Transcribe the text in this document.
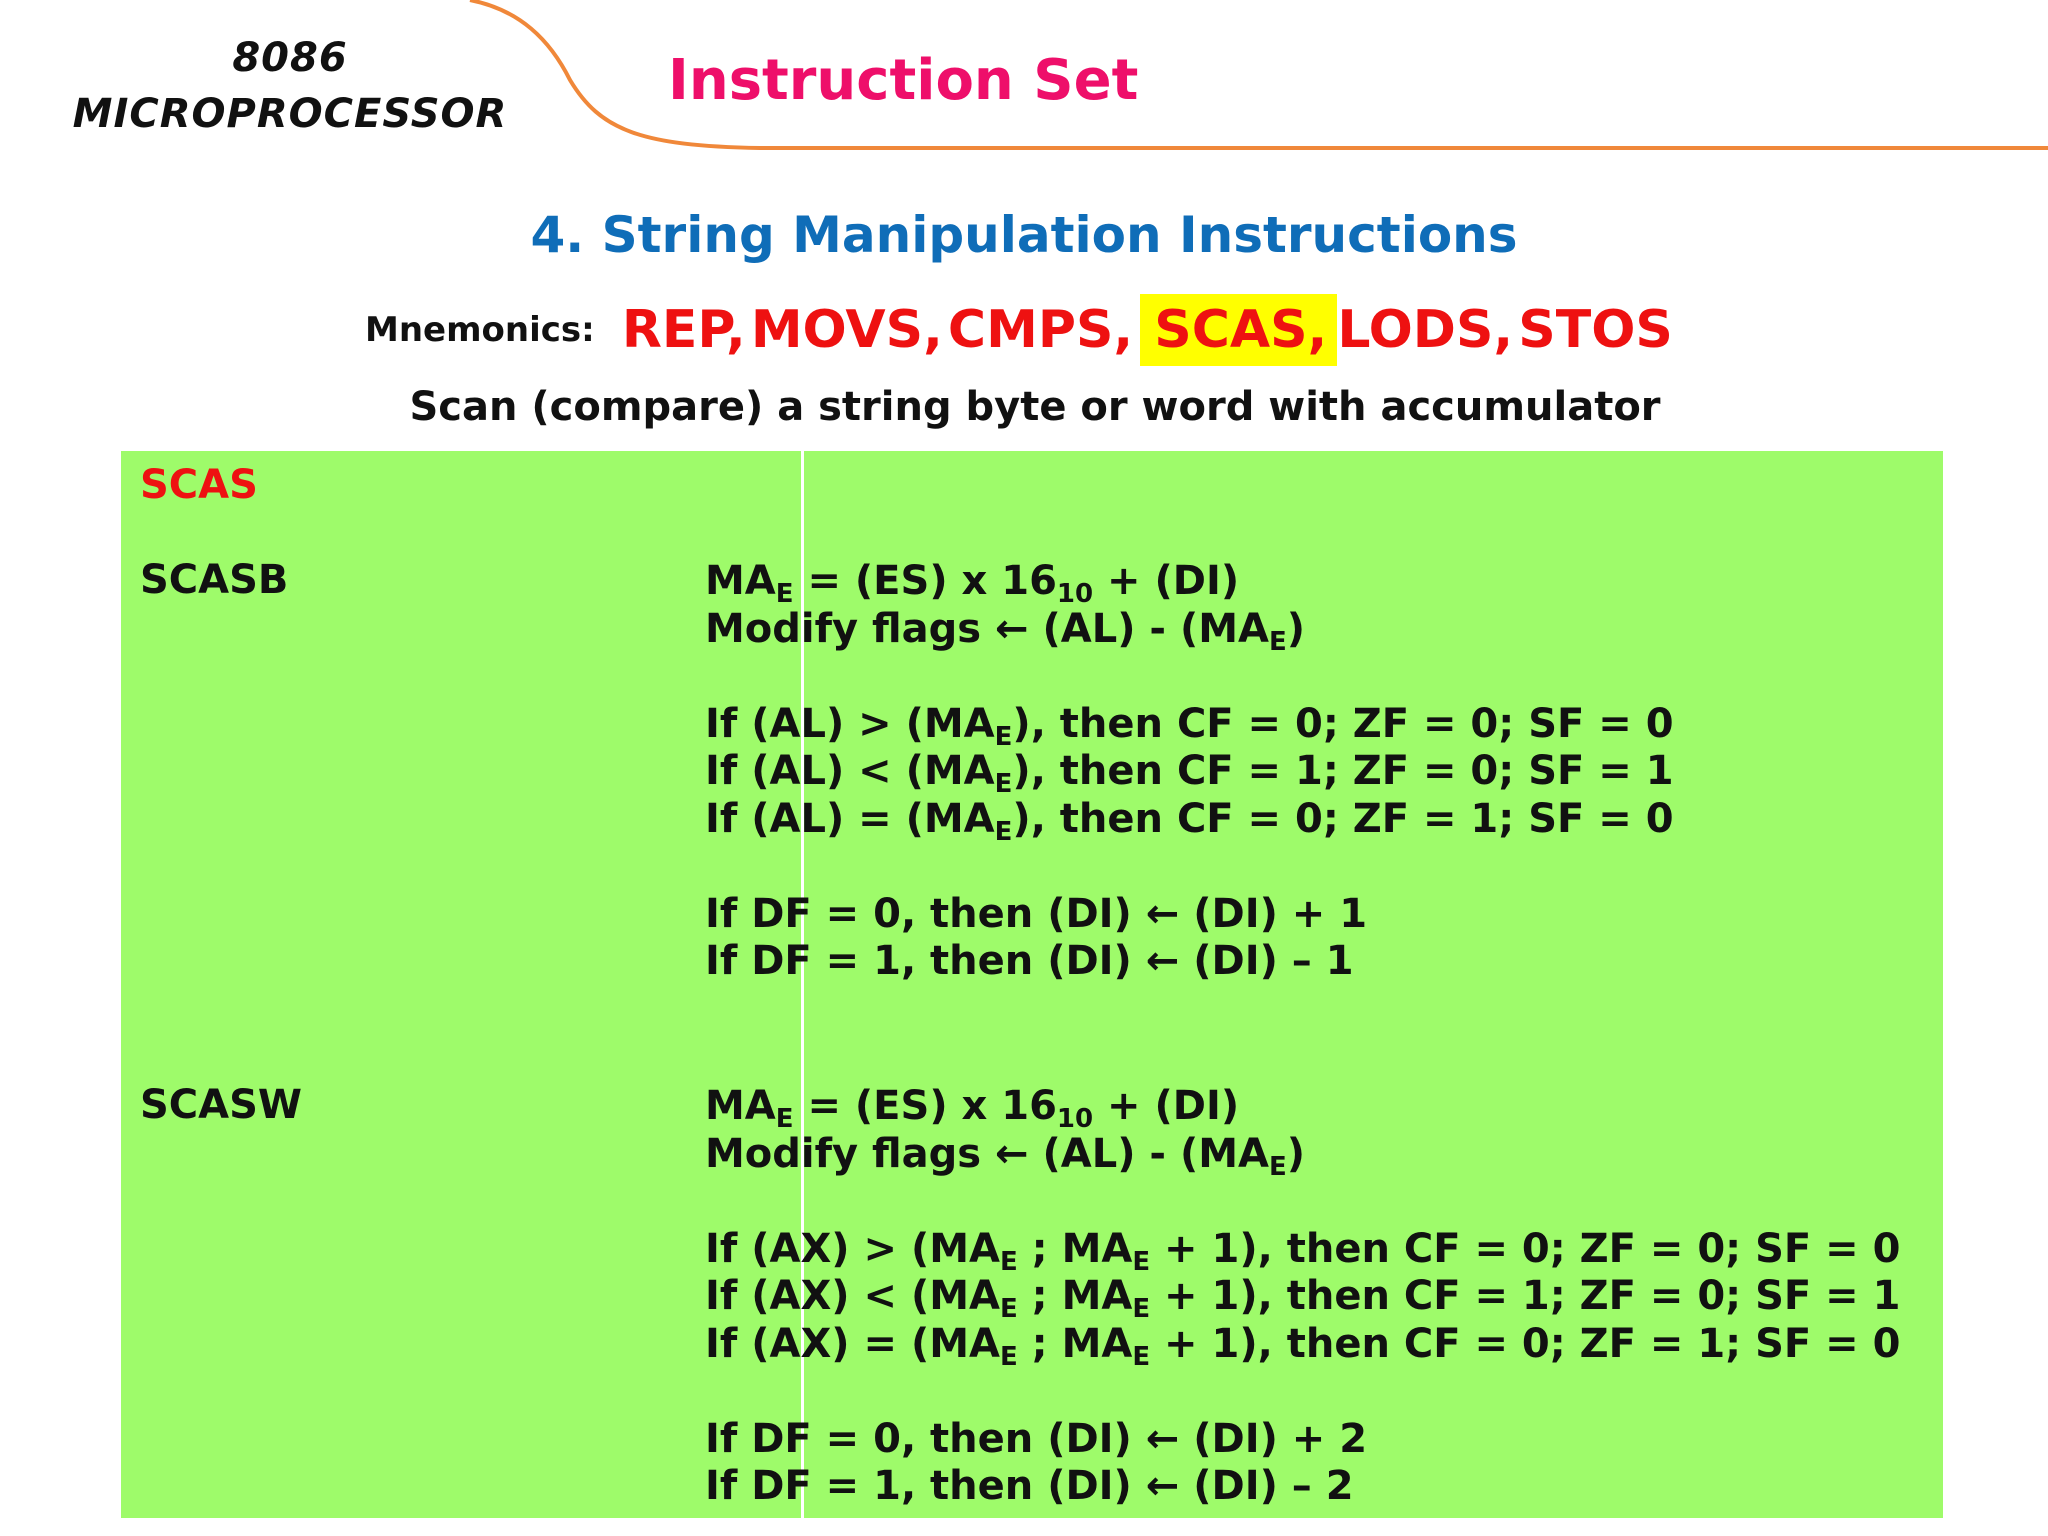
8086
MICROPROCESSOR
Instruction Set
4. String Manipulation Instructions
Mnemonics: REP, MOVS, CMPS, SCAS, LODS, STOS
Scan (compare) a string byte or word with accumulator
SCAS
SCASB
SCASW
$MA_E = (ES)$ x $16_{10} + (DI)$
Modify flags ← $(AL) - (MA_E)$
If $(AL) > (MA_E)$, then CF = 0; ZF = 0; SF = 0
If $(AL) < (MA_E)$, then CF = 1; ZF = 0; SF = 1
If $(AL) = (MA_E)$, then CF = 0; ZF = 1; SF = 0
If DF = 0, then (DI) ← (DI) + 1
If DF = 1, then (DI) ← (DI) – 1
$MA_E = (ES)$ x $16_{10} + (DI)$
Modify flags ← $(AL) - (MA_E)$
If $(AX) > (MA_E$ ; $MA_E + 1$), then CF = 0; ZF = 0; SF = 0
If $(AX) < (MA_E$ ; $MA_E + 1$), then CF = 1; ZF = 0; SF = 1
If $(AX) = (MA_E$ ; $MA_E + 1$), then CF = 0; ZF = 1; SF = 0
If DF = 0, then (DI) ← (DI) + 2
If DF = 1, then (DI) ← (DI) – 2
